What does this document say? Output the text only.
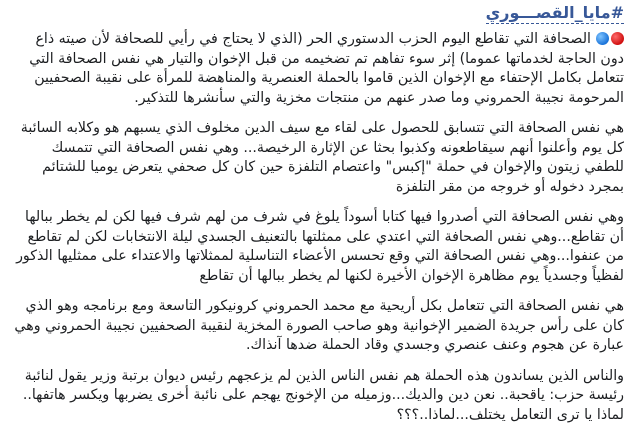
#مايا_القصـــوري

الصحافة التي تقاطع اليوم الحزب الدستوري الحر (الذي لا يحتاج في رأيي للصحافة لأن صيته ذاع دون الحاجة لخدماتها عموما) إثر سوء تفاهم تم تضخيمه من قبل الإخوان والتيار هي نفس الصحافة التي تتعامل بكامل الإحتفاء مع الإخوان الذين قاموا بالحملة العنصرية والمناهضة للمرأة على نقيبة الصحفيين المرحومة نجيبة الحمروني وما صدر عنهم من منتجات مخزية والتي سأنشرها للتذكير.

هي نفس الصحافة التي تتسابق للحصول على لقاء مع سيف الدين مخلوف الذي يسبهم هو وكلابه السائبة كل يوم وأعلنوا أنهم سيقاطعونه وكذبوا بحثا عن الإثارة الرخيصة... وهي نفس الصحافة التي تتمسك للطفي زيتون والإخوان في حملة "إكبس" واعتصام التلفزة حين كان كل صحفي يتعرض يوميا للشتائم بمجرد دخوله أو خروجه من مقر التلفزة

وهي نفس الصحافة التي أصدروا فيها كتابا أسوداً يلوغ في شرف من لهم شرف فيها لكن لم يخطر ببالها أن تقاطع...وهي نفس الصحافة التي اعتدي على ممثلتها بالتعنيف الجسدي ليلة الانتخابات لكن لم تقاطع من عنفوا...وهي نفس الصحافة التي وقع تحسس الأعضاء التناسلية لممثلاتها والاعتداء على ممثليها الذكور لفظياً وجسدياً يوم مظاهرة الإخوان الأخيرة لكنها لم يخطر ببالها أن تقاطع

هي نفس الصحافة التي تتعامل بكل أريحية مع محمد الحمروني كرونيكور التاسعة ومع برنامجه وهو الذي كان على رأس جريدة الضمير الإخوانية وهو صاحب الصورة المخزية لنقيبة الصحفيين نجيبة الحمروني وهي عبارة عن هجوم وعنف عنصري وجسدي وقاد الحملة ضدها آنذاك.

والناس الذين يساندون هذه الحملة هم نفس الناس الذين لم يزعجهم رئيس ديوان برتبة وزير يقول لنائبة رئيسة حزب: ياقحبة.. نعن دين والديك...وزميله من الإخونج يهجم على نائبة أخرى يضربها ويكسر هاتفها.. لماذا يا ترى التعامل يختلف...لماذا..؟؟؟
